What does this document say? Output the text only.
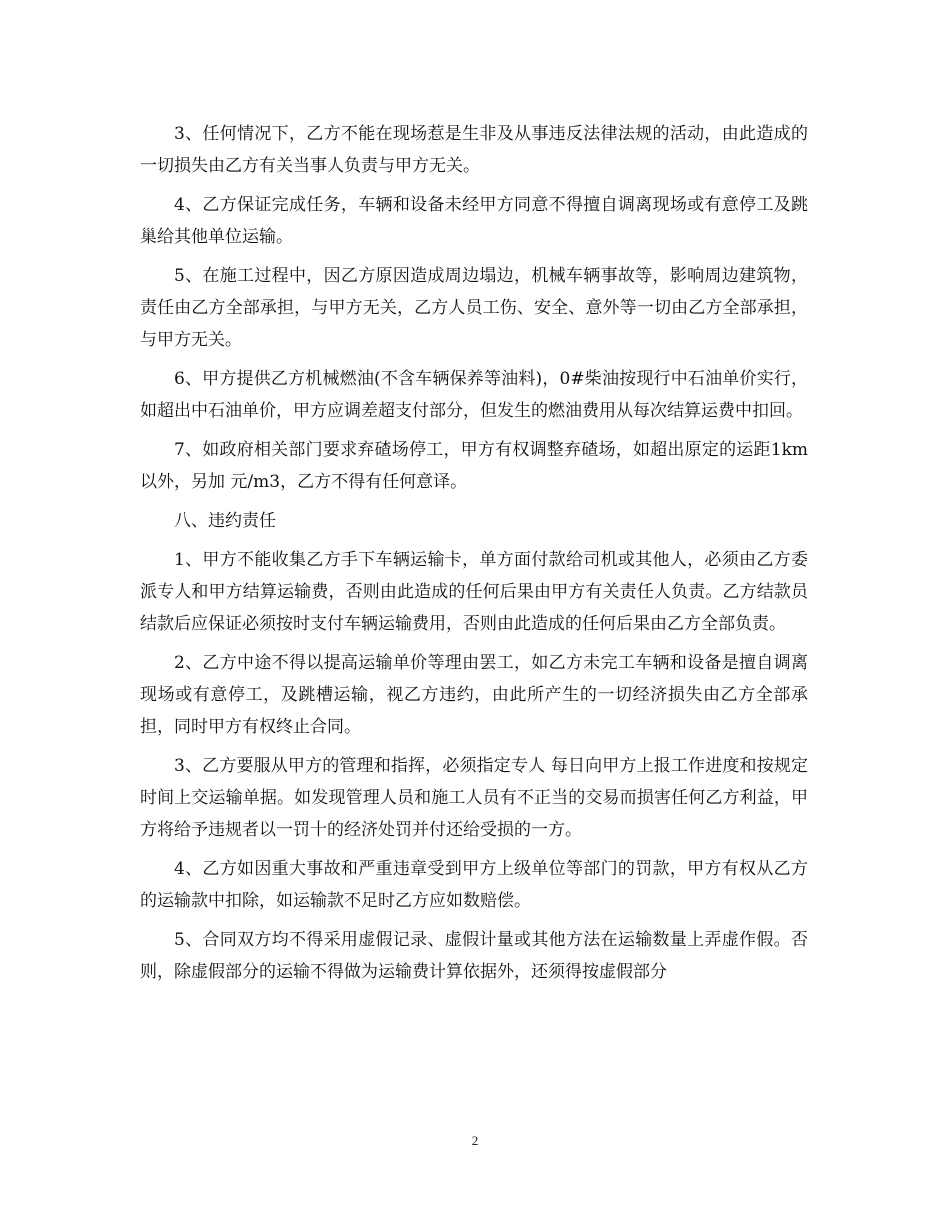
3、任何情况下，乙方不能在现场惹是生非及从事违反法律法规的活动，由此造成的一切损失由乙方有关当事人负责与甲方无关。

4、乙方保证完成任务，车辆和设备未经甲方同意不得擅自调离现场或有意停工及跳巢给其他单位运输。

5、在施工过程中，因乙方原因造成周边塌边，机械车辆事故等，影响周边建筑物，责任由乙方全部承担，与甲方无关，乙方人员工伤、安全、意外等一切由乙方全部承担，与甲方无关。

6、甲方提供乙方机械燃油(不含车辆保养等油料)，0#柴油按现行中石油单价实行，如超出中石油单价，甲方应调差超支付部分，但发生的燃油费用从每次结算运费中扣回。

7、如政府相关部门要求弃碴场停工，甲方有权调整弃碴场，如超出原定的运距1km以外，另加 元/m3，乙方不得有任何意译。

八、违约责任

1、甲方不能收集乙方手下车辆运输卡，单方面付款给司机或其他人，必须由乙方委派专人和甲方结算运输费，否则由此造成的任何后果由甲方有关责任人负责。乙方结款员结款后应保证必须按时支付车辆运输费用，否则由此造成的任何后果由乙方全部负责。

2、乙方中途不得以提高运输单价等理由罢工，如乙方未完工车辆和设备是擅自调离现场或有意停工，及跳槽运输，视乙方违约，由此所产生的一切经济损失由乙方全部承担，同时甲方有权终止合同。

3、乙方要服从甲方的管理和指挥，必须指定专人 每日向甲方上报工作进度和按规定时间上交运输单据。如发现管理人员和施工人员有不正当的交易而损害任何乙方利益，甲方将给予违规者以一罚十的经济处罚并付还给受损的一方。

4、乙方如因重大事故和严重违章受到甲方上级单位等部门的罚款，甲方有权从乙方的运输款中扣除，如运输款不足时乙方应如数赔偿。

5、合同双方均不得采用虚假记录、虚假计量或其他方法在运输数量上弄虚作假。否则，除虚假部分的运输不得做为运输费计算依据外，还须得按虚假部分

2
